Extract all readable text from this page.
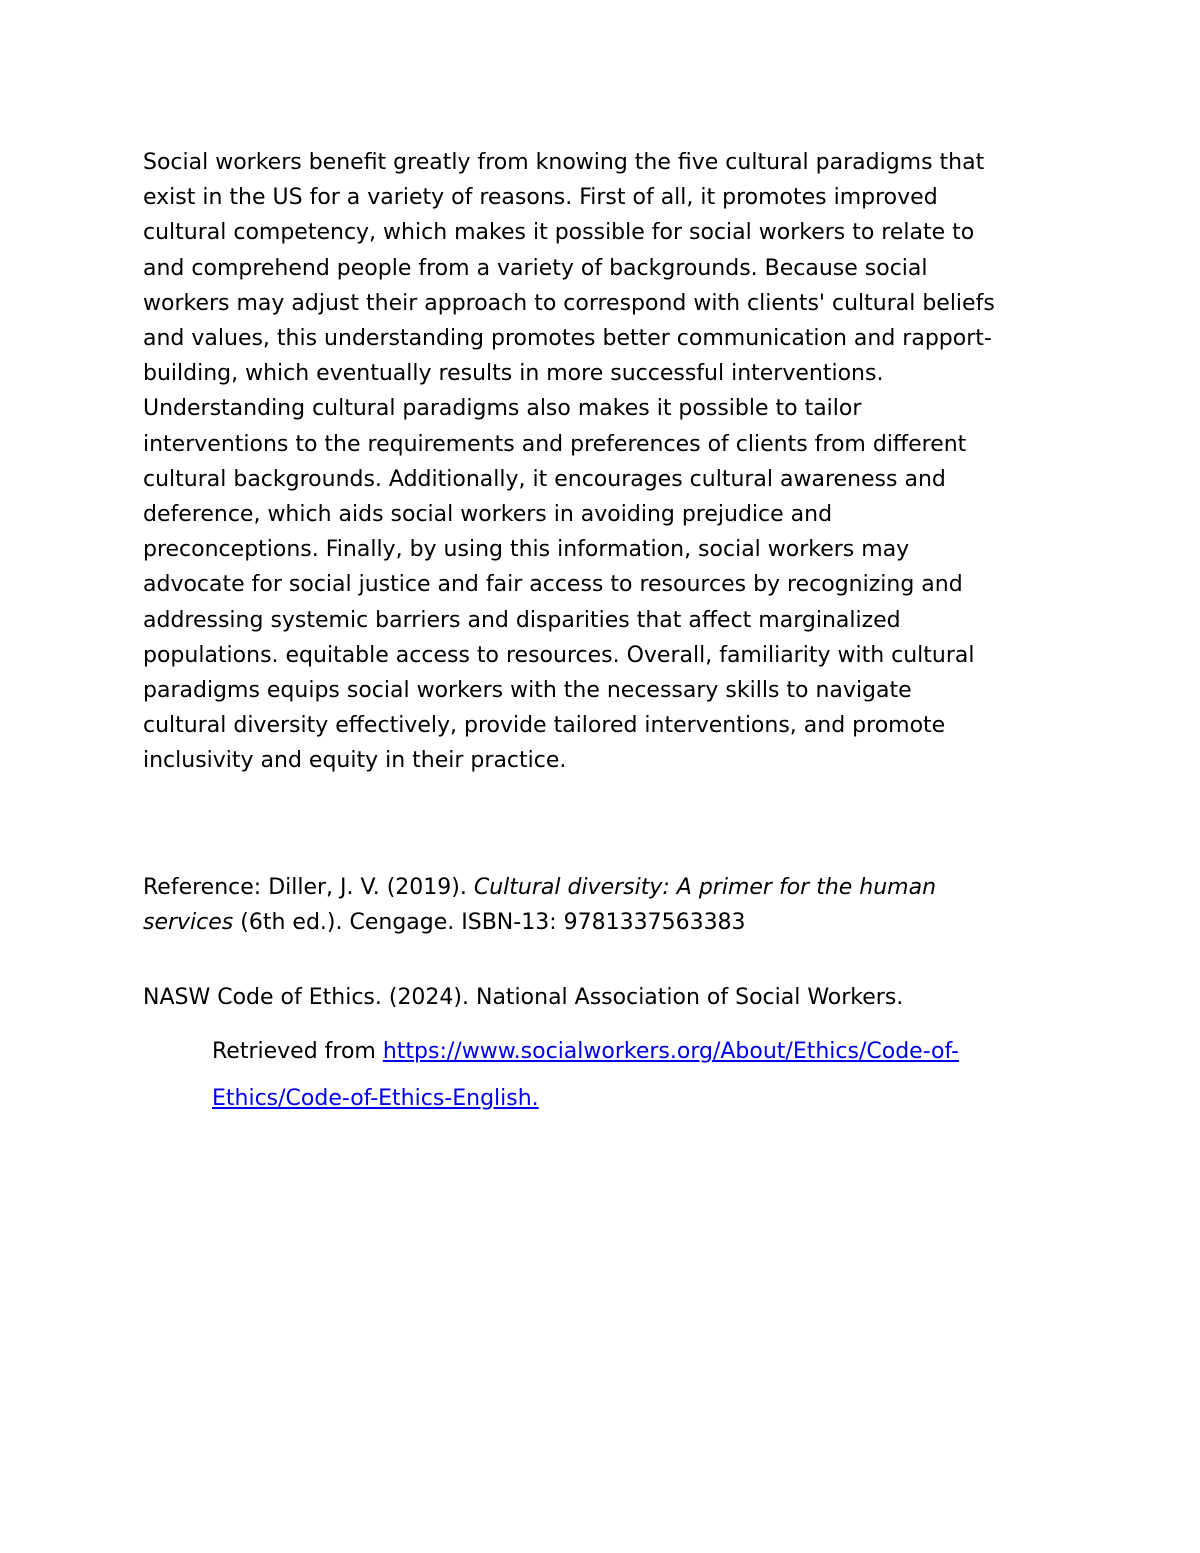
Social workers benefit greatly from knowing the five cultural paradigms that
exist in the US for a variety of reasons. First of all, it promotes improved
cultural competency, which makes it possible for social workers to relate to
and comprehend people from a variety of backgrounds. Because social
workers may adjust their approach to correspond with clients' cultural beliefs
and values, this understanding promotes better communication and rapport-
building, which eventually results in more successful interventions.
Understanding cultural paradigms also makes it possible to tailor
interventions to the requirements and preferences of clients from different
cultural backgrounds. Additionally, it encourages cultural awareness and
deference, which aids social workers in avoiding prejudice and
preconceptions. Finally, by using this information, social workers may
advocate for social justice and fair access to resources by recognizing and
addressing systemic barriers and disparities that affect marginalized
populations. equitable access to resources. Overall, familiarity with cultural
paradigms equips social workers with the necessary skills to navigate
cultural diversity effectively, provide tailored interventions, and promote
inclusivity and equity in their practice.

Reference: Diller, J. V. (2019). Cultural diversity: A primer for the human
services (6th ed.). Cengage. ISBN-13: 9781337563383

NASW Code of Ethics. (2024). National Association of Social Workers.

Retrieved from https://www.socialworkers.org/About/Ethics/Code-of-
Ethics/Code-of-Ethics-English.
